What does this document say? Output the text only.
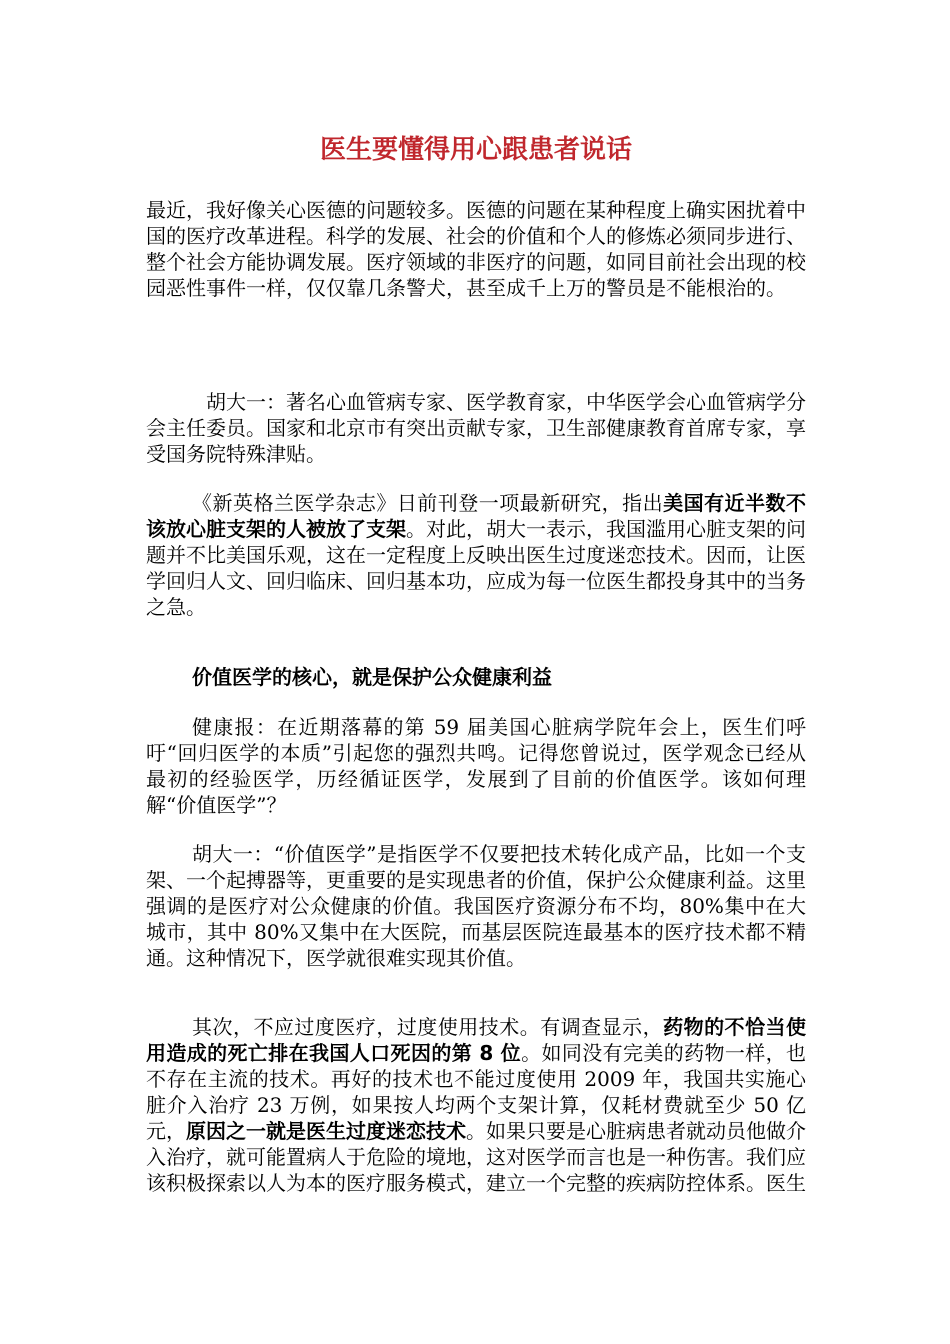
医生要懂得用心跟患者说话

最近，我好像关心医德的问题较多。医德的问题在某种程度上确实困扰着中国的医疗改革进程。科学的发展、社会的价值和个人的修炼必须同步进行、整个社会方能协调发展。医疗领域的非医疗的问题，如同目前社会出现的校园恶性事件一样，仅仅靠几条警犬，甚至成千上万的警员是不能根治的。

胡大一：著名心血管病专家、医学教育家，中华医学会心血管病学分会主任委员。国家和北京市有突出贡献专家，卫生部健康教育首席专家，享受国务院特殊津贴。

《新英格兰医学杂志》日前刊登一项最新研究，指出美国有近半数不该放心脏支架的人被放了支架。对此，胡大一表示，我国滥用心脏支架的问题并不比美国乐观，这在一定程度上反映出医生过度迷恋技术。因而，让医学回归人文、回归临床、回归基本功，应成为每一位医生都投身其中的当务之急。

价值医学的核心，就是保护公众健康利益

健康报：在近期落幕的第 59 届美国心脏病学院年会上，医生们呼吁“回归医学的本质”引起您的强烈共鸣。记得您曾说过，医学观念已经从最初的经验医学，历经循证医学，发展到了目前的价值医学。该如何理解“价值医学”？

胡大一：“价值医学”是指医学不仅要把技术转化成产品，比如一个支架、一个起搏器等，更重要的是实现患者的价值，保护公众健康利益。这里强调的是医疗对公众健康的价值。我国医疗资源分布不均，80%集中在大城市，其中 80%又集中在大医院，而基层医院连最基本的医疗技术都不精通。这种情况下，医学就很难实现其价值。

其次，不应过度医疗，过度使用技术。有调查显示，药物的不恰当使用造成的死亡排在我国人口死因的第 8 位。如同没有完美的药物一样，也不存在主流的技术。再好的技术也不能过度使用 2009 年，我国共实施心脏介入治疗 23 万例，如果按人均两个支架计算，仅耗材费就至少 50 亿元，原因之一就是医生过度迷恋技术。如果只要是心脏病患者就动员他做介入治疗，就可能置病人于危险的境地，这对医学而言也是一种伤害。我们应该积极探索以人为本的医疗服务模式，建立一个完整的疾病防控体系。医生
